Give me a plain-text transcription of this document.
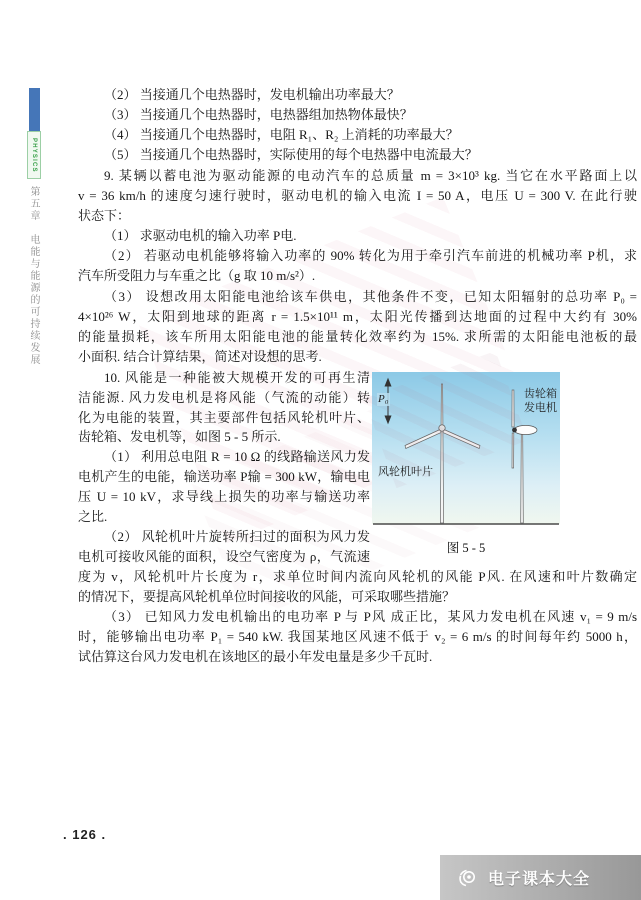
PHYSICS
第五章　电能与能源的可持续发展
（2） 当接通几个电热器时，发电机输出功率最大？
（3） 当接通几个电热器时，电热器组加热物体最快？
（4） 当接通几个电热器时，电阻 R₁、R₂ 上消耗的功率最大？
（5） 当接通几个电热器时，实际使用的每个电热器中电流最大？
9. 某辆以蓄电池为驱动能源的电动汽车的总质量 m = 3×10³ kg. 当它在水平路面上以
v = 36 km/h 的速度匀速行驶时，驱动电机的输入电流 I = 50 A，电压 U = 300 V. 在此行驶
状态下：
（1） 求驱动电机的输入功率 P电.
（2） 若驱动电机能够将输入功率的 90% 转化为用于牵引汽车前进的机械功率 P机，求
汽车所受阻力与车重之比（g 取 10 m/s²）.
（3） 设想改用太阳能电池给该车供电，其他条件不变，已知太阳辐射的总功率 P₀ =
4×10²⁶ W，太阳到地球的距离 r = 1.5×10¹¹ m，太阳光传播到达地面的过程中大约有 30%
的能量损耗，该车所用太阳能电池的能量转化效率约为 15%. 求所需的太阳能电池板的最
小面积. 结合计算结果，简述对设想的思考.
10. 风能是一种能被大规模开发的可再生清
洁能源. 风力发电机是将风能（气流的动能）转
化为电能的装置，其主要部件包括风轮机叶片、
齿轮箱、发电机等，如图 5 - 5 所示.
（1） 利用总电阻 R = 10 Ω 的线路输送风力发
电机产生的电能，输送功率 P输 = 300 kW，输电电
压 U = 10 kV，求导线上损失的功率与输送功率
之比.
（2） 风轮机叶片旋转所扫过的面积为风力发
电机可接收风能的面积，设空气密度为 ρ，气流速
度为 v，风轮机叶片长度为 r，求单位时间内流向风轮机的风能 P风. 在风速和叶片数确定
的情况下，要提高风轮机单位时间接收的风能，可采取哪些措施？
（3） 已知风力发电机输出的电功率 P 与 P风 成正比，某风力发电机在风速 v₁ = 9 m/s
时，能够输出电功率 P₁ = 540 kW. 我国某地区风速不低于 v₂ = 6 m/s 的时间每年约 5000 h，
试估算这台风力发电机在该地区的最小年发电量是多少千瓦时.
P₀	齿轮箱
发电机
风轮机叶片
图 5 - 5
. 126 .
电子课本大全
